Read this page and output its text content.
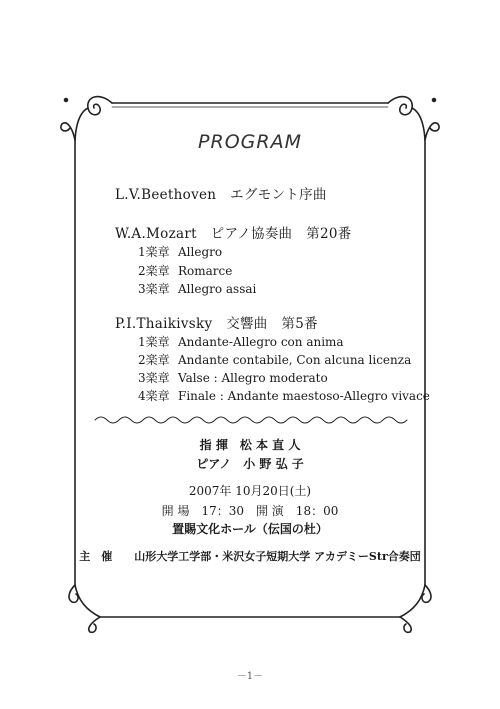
PROGRAM
L.V.Beethoven　エグモント序曲
W.A.Mozart　ピアノ協奏曲　第20番
1楽章 Allegro
2楽章 Romarce
3楽章 Allegro assai
P.I.Thaikivsky　交響曲　第5番
1楽章 Andante-Allegro con anima
2楽章 Andante contabile, Con alcuna licenza
3楽章 Valse : Allegro moderato
4楽章 Finale : Andante maestoso-Allegro vivace
指 揮　松 本 直 人
ピアノ　小 野 弘 子
2007年 10月20日(土)
開 場　17：30　開 演　18：00
置賜文化ホール（伝国の杜）
主　催　　山形大学工学部・米沢女子短期大学 アカデミーStr合奏団
－1－
